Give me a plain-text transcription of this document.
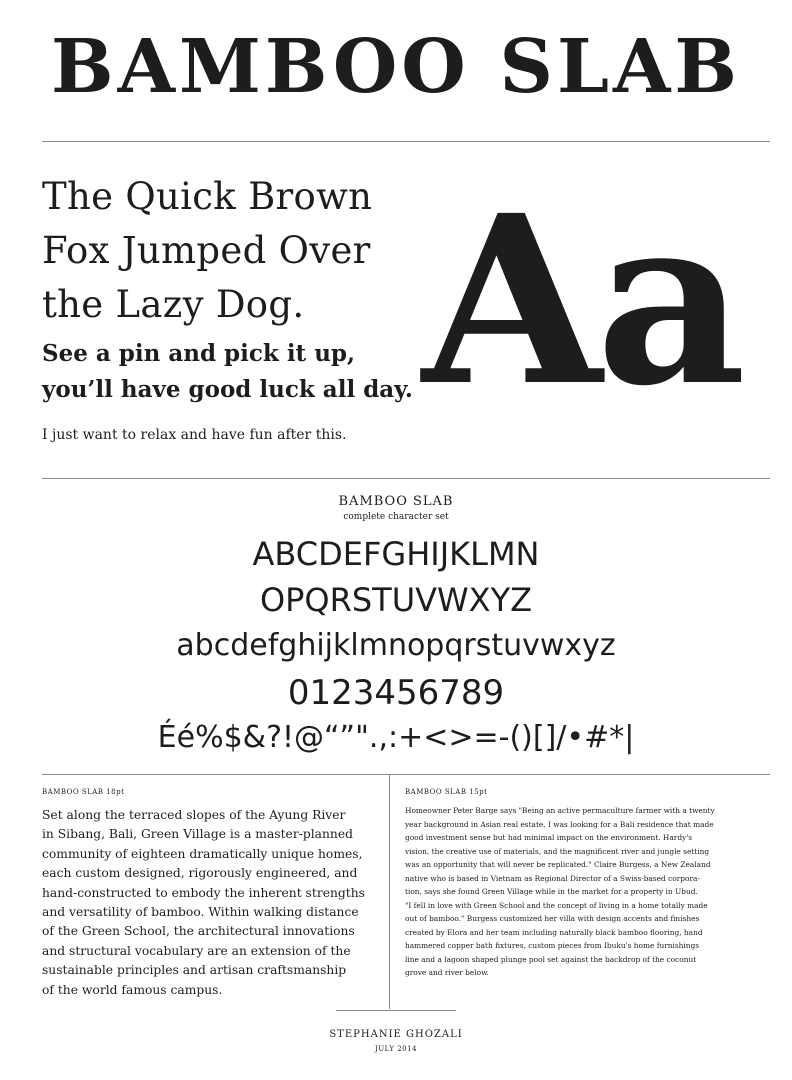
BAMBOO SLAB
The Quick Brown
Fox Jumped Over
the Lazy Dog.
See a pin and pick it up,
you’ll have good luck all day.
I just want to relax and have fun after this. Aa
BAMBOO SLAB
complete character set
ABCDEFGHIJKLMN
OPQRSTUVWXYZ
abcdefghijklmnopqrstuvwxyz
0123456789
Éé%$&?!@“”".,:+<>=-()[]/•#*|
BAMBOO SLAB 18pt
Set along the terraced slopes of the Ayung River
in Sibang, Bali, Green Village is a master-planned
community of eighteen dramatically unique homes,
each custom designed, rigorously engineered, and
hand-constructed to embody the inherent strengths
and versatility of bamboo. Within walking distance
of the Green School, the architectural innovations
and structural vocabulary are an extension of the
sustainable principles and artisan craftsmanship
of the world famous campus.
BAMBOO SLAB 15pt
Homeowner Peter Barge says "Being an active permaculture farmer with a twenty
year background in Asian real estate, I was looking for a Bali residence that made
good investment sense but had minimal impact on the environment. Hardy's
vision, the creative use of materials, and the magnificent river and jungle setting
was an opportunity that will never be replicated." Claire Burgess, a New Zealand
native who is based in Vietnam as Regional Director of a Swiss-based corpora-
tion, says she found Green Village while in the market for a property in Ubud.
"I fell in love with Green School and the concept of living in a home totally made
out of bamboo." Burgess customized her villa with design accents and finishes
created by Elora and her team including naturally black bamboo flooring, hand
hammered copper bath fixtures, custom pieces from Ibuku's home furnishings
line and a lagoon shaped plunge pool set against the backdrop of the coconut
grove and river below.
STEPHANIE GHOZALI
JULY 2014
